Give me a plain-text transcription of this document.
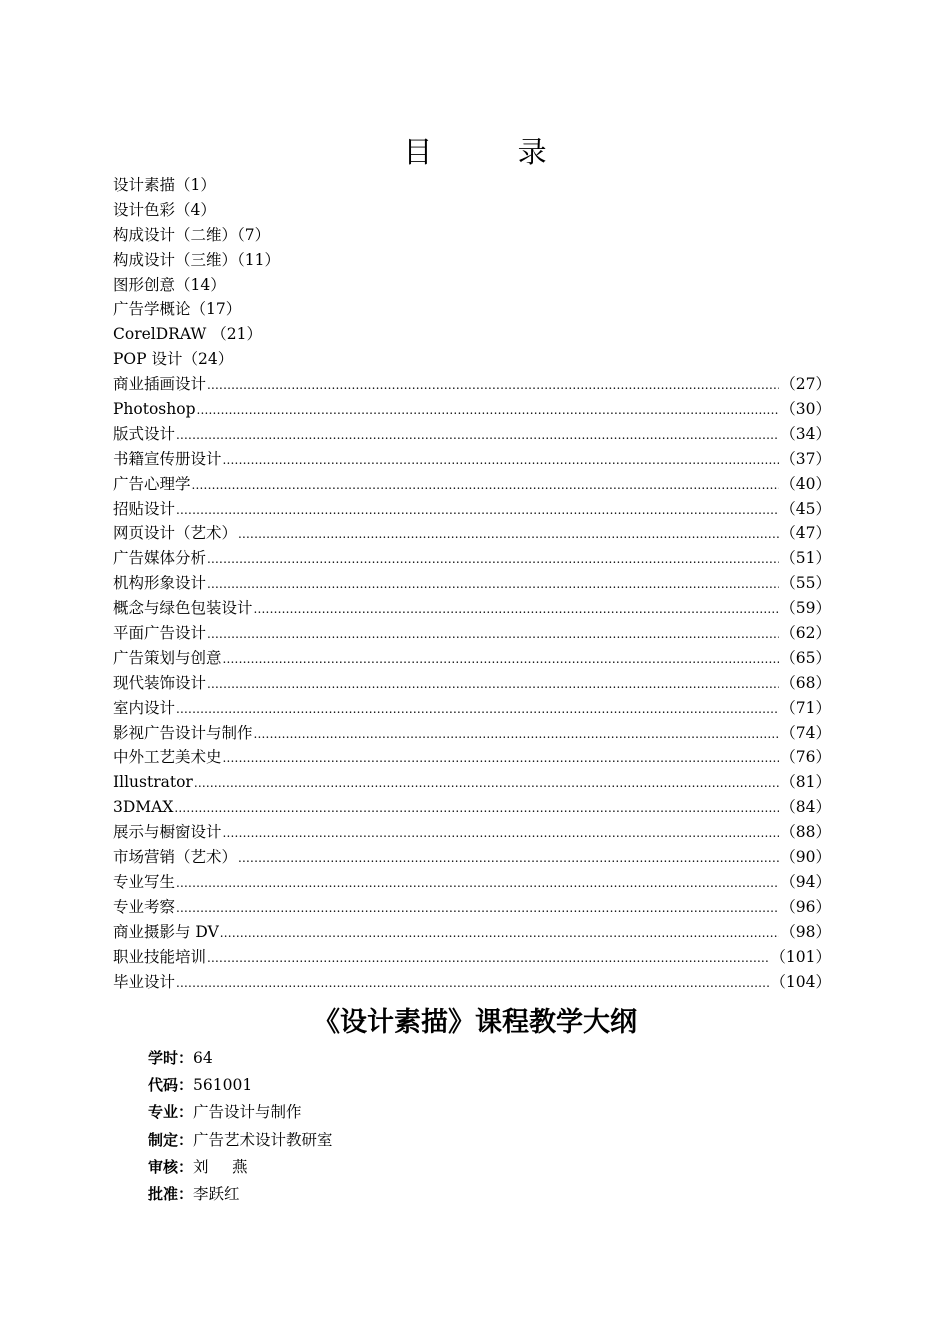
目 录
设计素描（1）
设计色彩（4）
构成设计（二维）（7）
构成设计（三维）（11）
图形创意（14）
广告学概论（17）
CorelDRAW （21）
POP 设计（24）
商业插画设计 .....	（27）
Photoshop .....	（30）
版式设计 .....	（34）
书籍宣传册设计 .....	（37）
广告心理学 .....	（40）
招贴设计 .....	（45）
网页设计（艺术） .....	（47）
广告媒体分析 .....	（51）
机构形象设计 .....	（55）
概念与绿色包装设计 .....	（59）
平面广告设计 .....	（62）
广告策划与创意 .....	（65）
现代装饰设计 .....	（68）
室内设计 .....	（71）
影视广告设计与制作 .....	（74）
中外工艺美术史 .....	（76）
Illustrator .....	（81）
3DMAX .....	（84）
展示与橱窗设计 .....	（88）
市场营销（艺术） .....	（90）
专业写生 .....	（94）
专业考察 .....	（96）
商业摄影与 DV .....	（98）
职业技能培训 .....	（101）
毕业设计 .....	（104）
《设计素描》课程教学大纲
学时：64
代码：561001
专业：广告设计与制作
制定：广告艺术设计教研室
审核：刘 燕
批准：李跃红
